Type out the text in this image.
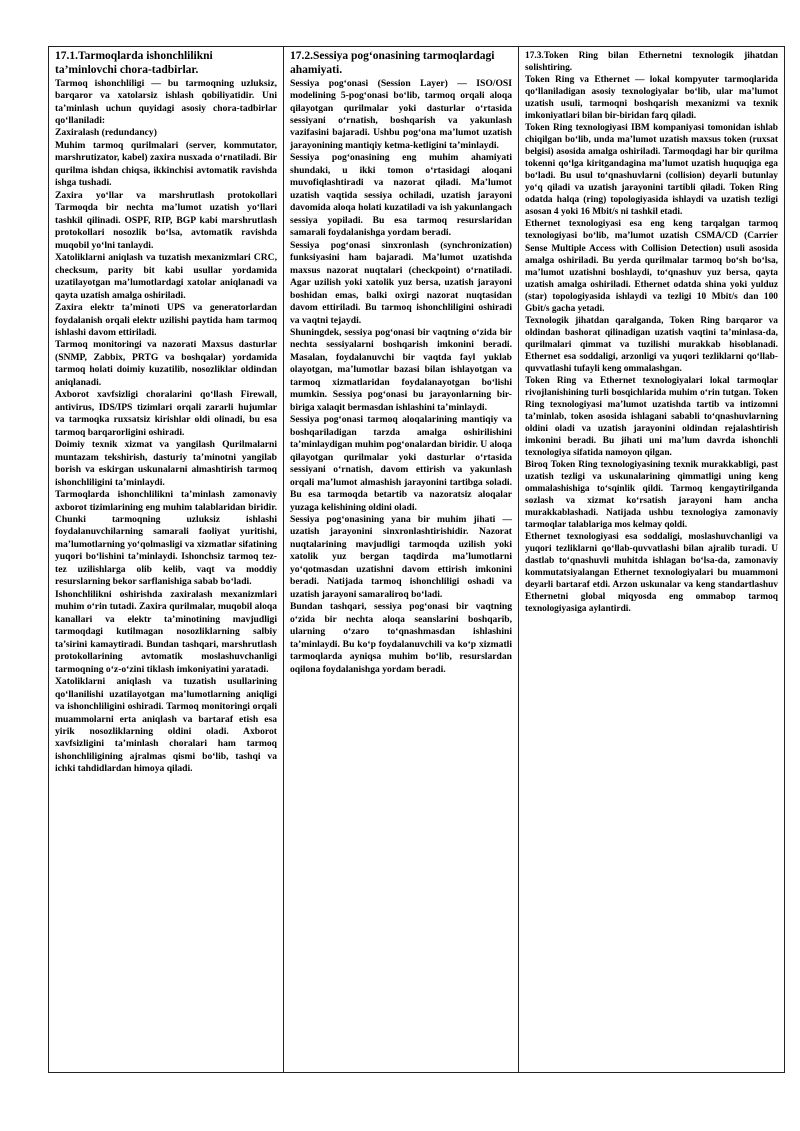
17.1.Tarmoqlarda ishonchlilikni ta’minlovchi chora-tadbirlar.

Tarmoq ishonchliligi — bu tarmoqning uzluksiz, barqaror va xatolarsiz ishlash qobiliyatidir. Uni ta’minlash uchun quyidagi asosiy chora-tadbirlar qo‘llaniladi:

Zaxiralash (redundancy)

Muhim tarmoq qurilmalari (server, kommutator, marshrutizator, kabel) zaxira nusxada o‘rnatiladi. Bir qurilma ishdan chiqsa, ikkinchisi avtomatik ravishda ishga tushadi.

Zaxira yo‘llar va marshrutlash protokollari Tarmoqda bir nechta ma’lumot uzatish yo‘llari tashkil qilinadi. OSPF, RIP, BGP kabi marshrutlash protokollari nosozlik bo‘lsa, avtomatik ravishda muqobil yo‘lni tanlaydi.

Xatoliklarni aniqlash va tuzatish mexanizmlari CRC, checksum, parity bit kabi usullar yordamida uzatilayotgan ma’lumotlardagi xatolar aniqlanadi va qayta uzatish amalga oshiriladi.

Zaxira elektr ta’minoti UPS va generatorlardan foydalanish orqali elektr uzilishi paytida ham tarmoq ishlashi davom ettiriladi.

Tarmoq monitoringi va nazorati Maxsus dasturlar (SNMP, Zabbix, PRTG va boshqalar) yordamida tarmoq holati doimiy kuzatilib, nosozliklar oldindan aniqlanadi.

Axborot xavfsizligi choralarini qo‘llash Firewall, antivirus, IDS/IPS tizimlari orqali zararli hujumlar va tarmoqka ruxsatsiz kirishlar oldi olinadi, bu esa tarmoq barqarorligini oshiradi.

Doimiy texnik xizmat va yangilash Qurilmalarni muntazam tekshirish, dasturiy ta’minotni yangilab borish va eskirgan uskunalarni almashtirish tarmoq ishonchliligini ta’minlaydi.

Tarmoqlarda ishonchlilikni ta’minlash zamonaviy axborot tizimlarining eng muhim talablaridan biridir. Chunki tarmoqning uzluksiz ishlashi foydalanuvchilarning samarali faoliyat yuritishi, ma’lumotlarning yo‘qolmasligi va xizmatlar sifatining yuqori bo‘lishini ta’minlaydi. Ishonchsiz tarmoq tez-tez uzilishlarga olib kelib, vaqt va moddiy resurslarning bekor sarflanishiga sabab bo‘ladi.

Ishonchlilikni oshirishda zaxiralash mexanizmlari muhim o‘rin tutadi. Zaxira qurilmalar, muqobil aloqa kanallari va elektr ta’minotining mavjudligi tarmoqdagi kutilmagan nosozliklarning salbiy ta’sirini kamaytiradi. Bundan tashqari, marshrutlash protokollarining avtomatik moslashuvchanligi tarmoqning o‘z-o‘zini tiklash imkoniyatini yaratadi.

Xatoliklarni aniqlash va tuzatish usullarining qo‘llanilishi uzatilayotgan ma’lumotlarning aniqligi va ishonchliligini oshiradi. Tarmoq monitoringi orqali muammolarni erta aniqlash va bartaraf etish esa yirik nosozliklarning oldini oladi. Axborot xavfsizligini ta’minlash choralari ham tarmoq ishonchliligining ajralmas qismi bo‘lib, tashqi va ichki tahdidlardan himoya qiladi.

17.2.Sessiya pog‘onasining tarmoqlardagi ahamiyati.

Sessiya pog‘onasi (Session Layer) — ISO/OSI modelining 5-pog‘onasi bo‘lib, tarmoq orqali aloqa qilayotgan qurilmalar yoki dasturlar o‘rtasida sessiyani o‘rnatish, boshqarish va yakunlash vazifasini bajaradi. Ushbu pog‘ona ma’lumot uzatish jarayonining mantiqiy ketma-ketligini ta’minlaydi.

Sessiya pog‘onasining eng muhim ahamiyati shundaki, u ikki tomon o‘rtasidagi aloqani muvofiqlashtiradi va nazorat qiladi. Ma’lumot uzatish vaqtida sessiya ochiladi, uzatish jarayoni davomida aloqa holati kuzatiladi va ish yakunlangach sessiya yopiladi. Bu esa tarmoq resurslaridan samarali foydalanishga yordam beradi.

Sessiya pog‘onasi sinxronlash (synchronization) funksiyasini ham bajaradi. Ma’lumot uzatishda maxsus nazorat nuqtalari (checkpoint) o‘rnatiladi. Agar uzilish yoki xatolik yuz bersa, uzatish jarayoni boshidan emas, balki oxirgi nazorat nuqtasidan davom ettiriladi. Bu tarmoq ishonchliligini oshiradi va vaqtni tejaydi.

Shuningdek, sessiya pog‘onasi bir vaqtning o‘zida bir nechta sessiyalarni boshqarish imkonini beradi. Masalan, foydalanuvchi bir vaqtda fayl yuklab olayotgan, ma’lumotlar bazasi bilan ishlayotgan va tarmoq xizmatlaridan foydalanayotgan bo‘lishi mumkin. Sessiya pog‘onasi bu jarayonlarning bir-biriga xalaqit bermasdan ishlashini ta’minlaydi.

Sessiya pog‘onasi tarmoq aloqalarining mantiqiy va boshqariladigan tarzda amalga oshirilishini ta’minlaydigan muhim pog‘onalardan biridir. U aloqa qilayotgan qurilmalar yoki dasturlar o‘rtasida sessiyani o‘rnatish, davom ettirish va yakunlash orqali ma’lumot almashish jarayonini tartibga soladi. Bu esa tarmoqda betartib va nazoratsiz aloqalar yuzaga kelishining oldini oladi.

Sessiya pog‘onasining yana bir muhim jihati — uzatish jarayonini sinxronlashtirishidir. Nazorat nuqtalarining mavjudligi tarmoqda uzilish yoki xatolik yuz bergan taqdirda ma’lumotlarni yo‘qotmasdan uzatishni davom ettirish imkonini beradi. Natijada tarmoq ishonchliligi oshadi va uzatish jarayoni samaraliroq bo‘ladi.

Bundan tashqari, sessiya pog‘onasi bir vaqtning o‘zida bir nechta aloqa seanslarini boshqarib, ularning o‘zaro to‘qnashmasdan ishlashini ta’minlaydi. Bu ko‘p foydalanuvchili va ko‘p xizmatli tarmoqlarda ayniqsa muhim bo‘lib, resurslardan oqilona foydalanishga yordam beradi.

17.3.Token Ring bilan Ethernetni texnologik jihatdan solishtiring.

Token Ring va Ethernet — lokal kompyuter tarmoqlarida qo‘llaniladigan asosiy texnologiyalar bo‘lib, ular ma’lumot uzatish usuli, tarmoqni boshqarish mexanizmi va texnik imkoniyatlari bilan bir-biridan farq qiladi.

Token Ring texnologiyasi IBM kompaniyasi tomonidan ishlab chiqilgan bo‘lib, unda ma’lumot uzatish maxsus token (ruxsat belgisi) asosida amalga oshiriladi. Tarmoqdagi har bir qurilma tokenni qo‘lga kiritgandagina ma’lumot uzatish huquqiga ega bo‘ladi. Bu usul to‘qnashuvlarni (collision) deyarli butunlay yo‘q qiladi va uzatish jarayonini tartibli qiladi. Token Ring odatda halqa (ring) topologiyasida ishlaydi va uzatish tezligi asosan 4 yoki 16 Mbit/s ni tashkil etadi.

Ethernet texnologiyasi esa eng keng tarqalgan tarmoq texnologiyasi bo‘lib, ma’lumot uzatish CSMA/CD (Carrier Sense Multiple Access with Collision Detection) usuli asosida amalga oshiriladi. Bu yerda qurilmalar tarmoq bo‘sh bo‘lsa, ma’lumot uzatishni boshlaydi, to‘qnashuv yuz bersa, qayta uzatish amalga oshiriladi. Ethernet odatda shina yoki yulduz (star) topologiyasida ishlaydi va tezligi 10 Mbit/s dan 100 Gbit/s gacha yetadi.

Texnologik jihatdan qaralganda, Token Ring barqaror va oldindan bashorat qilinadigan uzatish vaqtini ta’minlasa-da, qurilmalari qimmat va tuzilishi murakkab hisoblanadi. Ethernet esa soddaligi, arzonligi va yuqori tezliklarni qo‘llab-quvvatlashi tufayli keng ommalashgan.

Token Ring va Ethernet texnologiyalari lokal tarmoqlar rivojlanishining turli bosqichlarida muhim o‘rin tutgan. Token Ring texnologiyasi ma’lumot uzatishda tartib va intizomni ta’minlab, token asosida ishlagani sababli to‘qnashuvlarning oldini oladi va uzatish jarayonini oldindan rejalashtirish imkonini beradi. Bu jihati uni ma’lum davrda ishonchli texnologiya sifatida namoyon qilgan.

Biroq Token Ring texnologiyasining texnik murakkabligi, past uzatish tezligi va uskunalarining qimmatligi uning keng ommalashishiga to‘sqinlik qildi. Tarmoq kengaytirilganda sozlash va xizmat ko‘rsatish jarayoni ham ancha murakkablashadi. Natijada ushbu texnologiya zamonaviy tarmoqlar talablariga mos kelmay qoldi.

Ethernet texnologiyasi esa soddaligi, moslashuvchanligi va yuqori tezliklarni qo‘llab-quvvatlashi bilan ajralib turadi. U dastlab to‘qnashuvli muhitda ishlagan bo‘lsa-da, zamonaviy kommutatsiyalangan Ethernet texnologiyalari bu muammoni deyarli bartaraf etdi. Arzon uskunalar va keng standartlashuv Ethernetni global miqyosda eng ommabop tarmoq texnologiyasiga aylantirdi.
